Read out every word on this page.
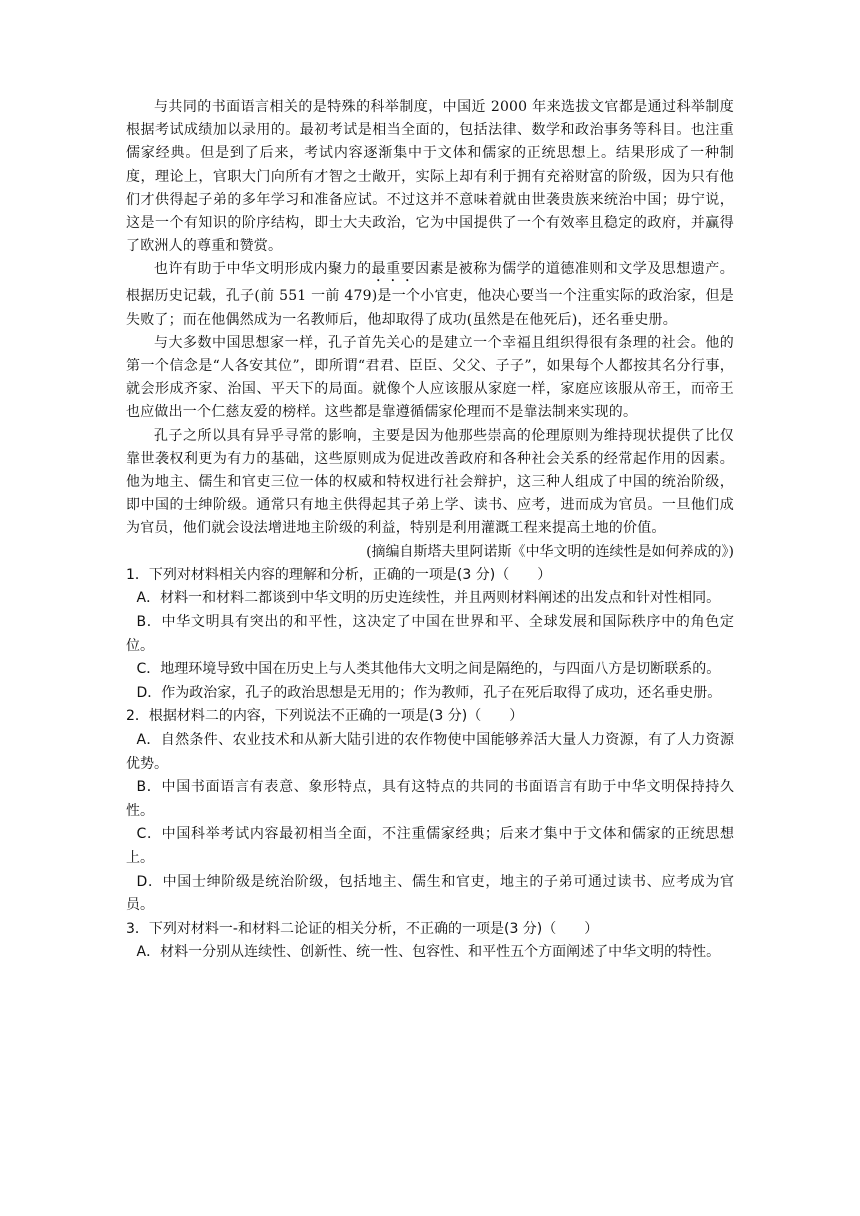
与共同的书面语言相关的是特殊的科举制度，中国近 2000 年来选拔文官都是通过科举制度根据考试成绩加以录用的。最初考试是相当全面的，包括法律、数学和政治事务等科目。也注重儒家经典。但是到了后来，考试内容逐渐集中于文体和儒家的正统思想上。结果形成了一种制度，理论上，官职大门向所有才智之士敞开，实际上却有利于拥有充裕财富的阶级，因为只有他们才供得起子弟的多年学习和准备应试。不过这并不意味着就由世袭贵族来统治中国；毋宁说，这是一个有知识的阶序结构，即士大夫政治，它为中国提供了一个有效率且稳定的政府，并赢得了欧洲人的尊重和赞赏。

也许有助于中华文明形成内聚力的最重要因素是被称为儒学的道德准则和文学及思想遗产。根据历史记载，孔子(前 551 一前 479)是一个小官吏，他决心要当一个注重实际的政治家，但是失败了；而在他偶然成为一名教师后，他却取得了成功(虽然是在他死后)，还名垂史册。

与大多数中国思想家一样，孔子首先关心的是建立一个幸福且组织得很有条理的社会。他的第一个信念是“人各安其位”，即所谓“君君、臣臣、父父、子子”，如果每个人都按其名分行事，就会形成齐家、治国、平天下的局面。就像个人应该服从家庭一样，家庭应该服从帝王，而帝王也应做出一个仁慈友爱的榜样。这些都是靠遵循儒家伦理而不是靠法制来实现的。

孔子之所以具有异乎寻常的影响，主要是因为他那些崇高的伦理原则为维持现状提供了比仅靠世袭权利更为有力的基础，这些原则成为促进改善政府和各种社会关系的经常起作用的因素。他为地主、儒生和官吏三位一体的权威和特权进行社会辩护，这三种人组成了中国的统治阶级，即中国的士绅阶级。通常只有地主供得起其子弟上学、读书、应考，进而成为官员。一旦他们成为官员，他们就会设法增进地主阶级的利益，特别是利用灌溉工程来提高土地的价值。

(摘编自斯塔夫里阿诺斯《中华文明的连续性是如何养成的》)

1．下列对材料相关内容的理解和分析，正确的一项是(3 分)（　　）

A．材料一和材料二都谈到中华文明的历史连续性，并且两则材料阐述的出发点和针对性相同。

B．中华文明具有突出的和平性，这决定了中国在世界和平、全球发展和国际秩序中的角色定位。

C．地理环境导致中国在历史上与人类其他伟大文明之间是隔绝的，与四面八方是切断联系的。

D．作为政治家，孔子的政治思想是无用的；作为教师，孔子在死后取得了成功，还名垂史册。

2．根据材料二的内容，下列说法不正确的一项是(3 分)（　　）

A．自然条件、农业技术和从新大陆引进的农作物使中国能够养活大量人力资源，有了人力资源优势。

B．中国书面语言有表意、象形特点，具有这特点的共同的书面语言有助于中华文明保持持久性。

C．中国科举考试内容最初相当全面，不注重儒家经典；后来才集中于文体和儒家的正统思想上。

D．中国士绅阶级是统治阶级，包括地主、儒生和官吏，地主的子弟可通过读书、应考成为官员。

3．下列对材料一-和材料二论证的相关分析，不正确的一项是(3 分)（　　）

A．材料一分别从连续性、创新性、统一性、包容性、和平性五个方面阐述了中华文明的特性。
